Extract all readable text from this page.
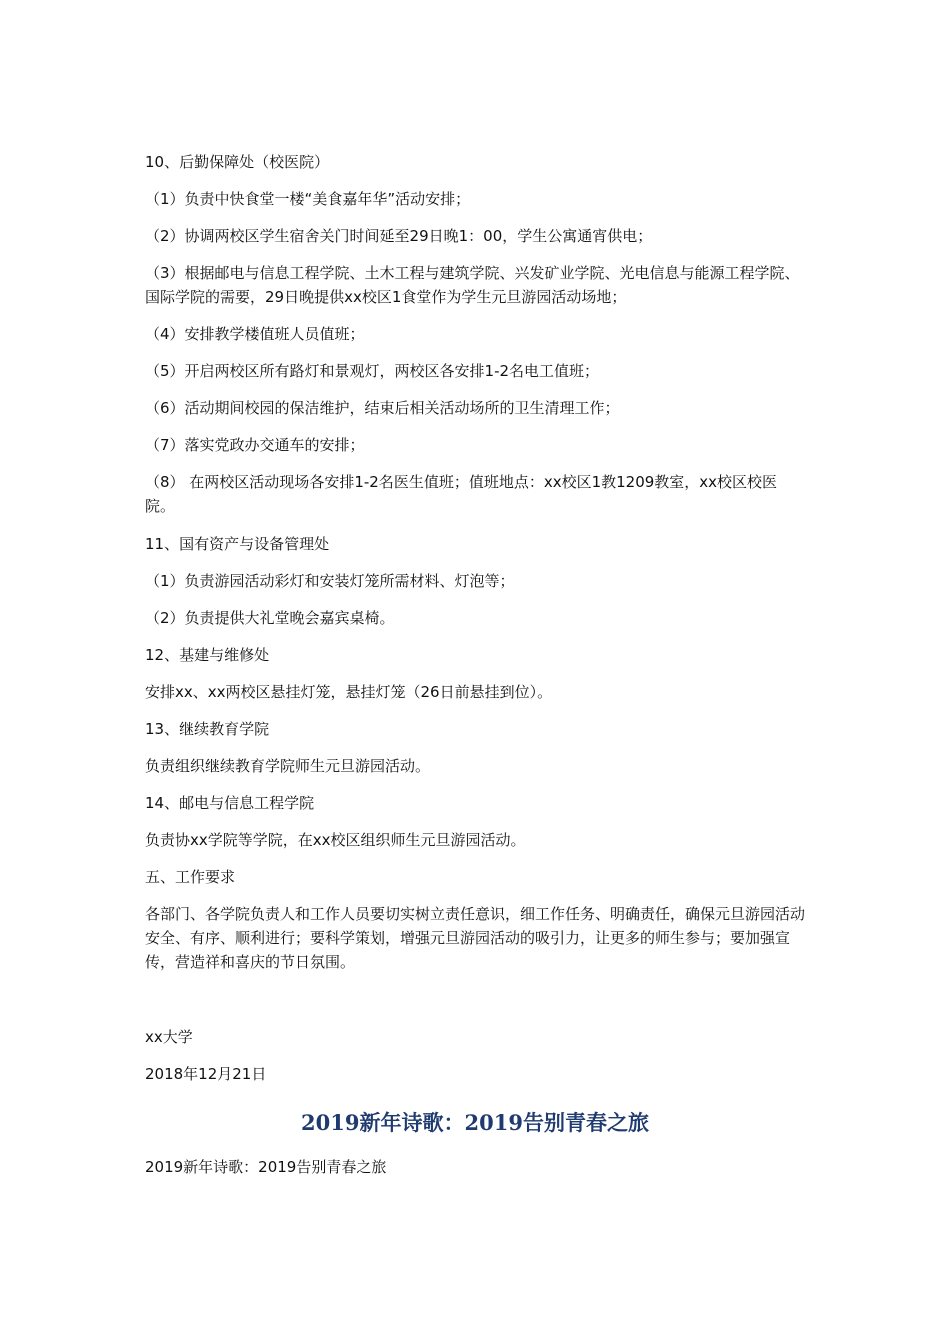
10、后勤保障处（校医院）
（1）负责中快食堂一楼“美食嘉年华”活动安排；
（2）协调两校区学生宿舍关门时间延至29日晚1：00，学生公寓通宵供电；
（3）根据邮电与信息工程学院、土木工程与建筑学院、兴发矿业学院、光电信息与能源工程学院、国际学院的需要，29日晚提供xx校区1食堂作为学生元旦游园活动场地；
（4）安排教学楼值班人员值班；
（5）开启两校区所有路灯和景观灯，两校区各安排1-2名电工值班；
（6）活动期间校园的保洁维护，结束后相关活动场所的卫生清理工作；
（7）落实党政办交通车的安排；
（8） 在两校区活动现场各安排1-2名医生值班；值班地点：xx校区1教1209教室，xx校区校医院。
11、国有资产与设备管理处
（1）负责游园活动彩灯和安装灯笼所需材料、灯泡等；
（2）负责提供大礼堂晚会嘉宾桌椅。
12、基建与维修处
安排xx、xx两校区悬挂灯笼，悬挂灯笼（26日前悬挂到位）。
13、继续教育学院
负责组织继续教育学院师生元旦游园活动。
14、邮电与信息工程学院
负责协xx学院等学院，在xx校区组织师生元旦游园活动。
五、工作要求
各部门、各学院负责人和工作人员要切实树立责任意识，细工作任务、明确责任，确保元旦游园活动安全、有序、顺利进行；要科学策划，增强元旦游园活动的吸引力，让更多的师生参与；要加强宣传，营造祥和喜庆的节日氛围。
xx大学
2018年12月21日
2019新年诗歌：2019告别青春之旅
2019新年诗歌：2019告别青春之旅
